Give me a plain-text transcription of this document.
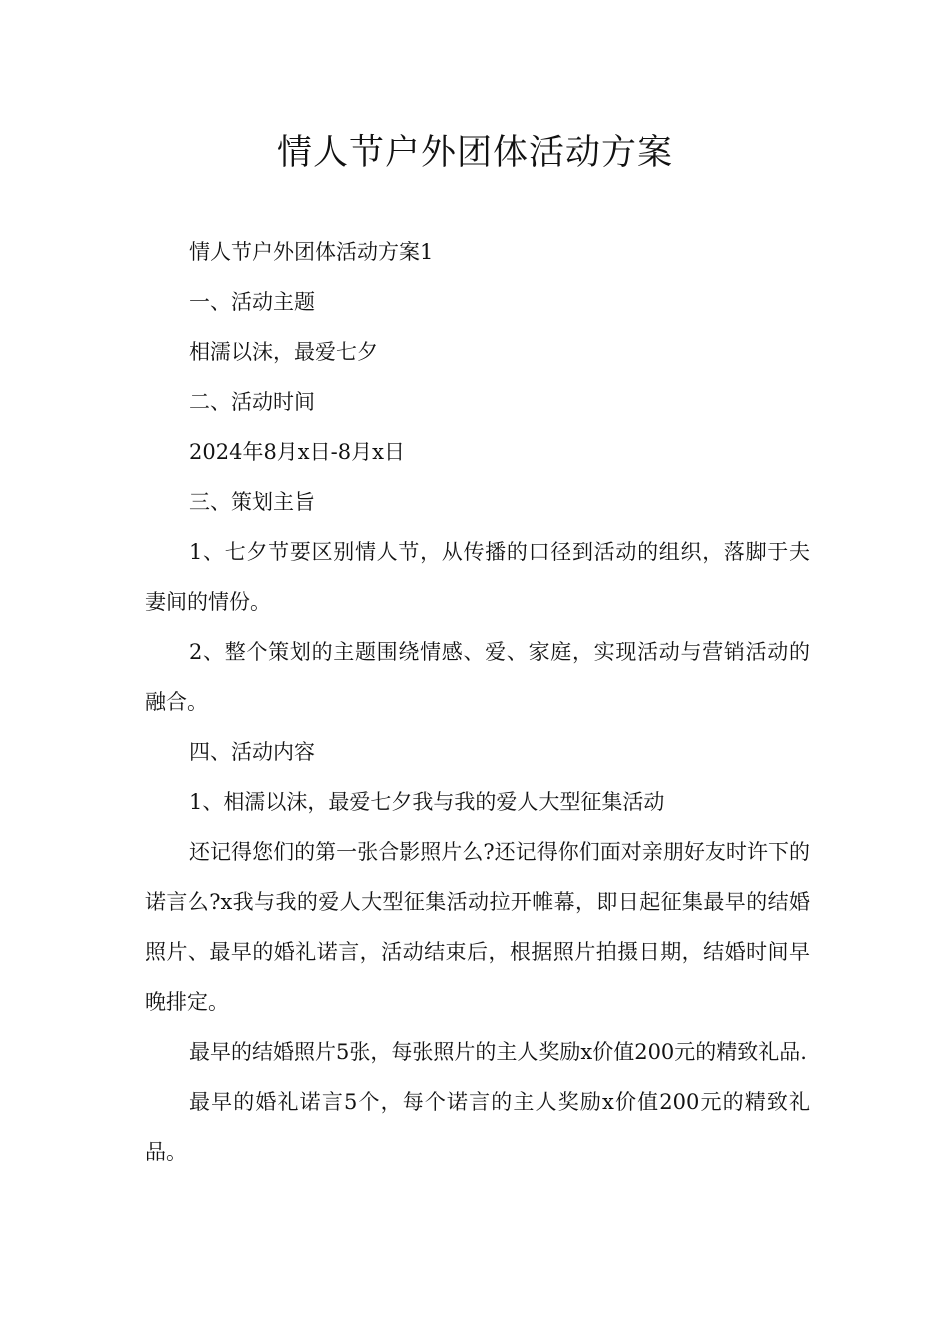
情人节户外团体活动方案

情人节户外团体活动方案1

一、活动主题

相濡以沫，最爱七夕

二、活动时间

2024年8月x日-8月x日

三、策划主旨

1、七夕节要区别情人节，从传播的口径到活动的组织，落脚于夫妻间的情份。

2、整个策划的主题围绕情感、爱、家庭，实现活动与营销活动的融合。

四、活动内容

1、相濡以沫，最爱七夕我与我的爱人大型征集活动

还记得您们的第一张合影照片么?还记得你们面对亲朋好友时许下的诺言么?x我与我的爱人大型征集活动拉开帷幕，即日起征集最早的结婚照片、最早的婚礼诺言，活动结束后，根据照片拍摄日期，结婚时间早晚排定。

最早的结婚照片5张，每张照片的主人奖励x价值200元的精致礼品.

最早的婚礼诺言5个，每个诺言的主人奖励x价值200元的精致礼品。
